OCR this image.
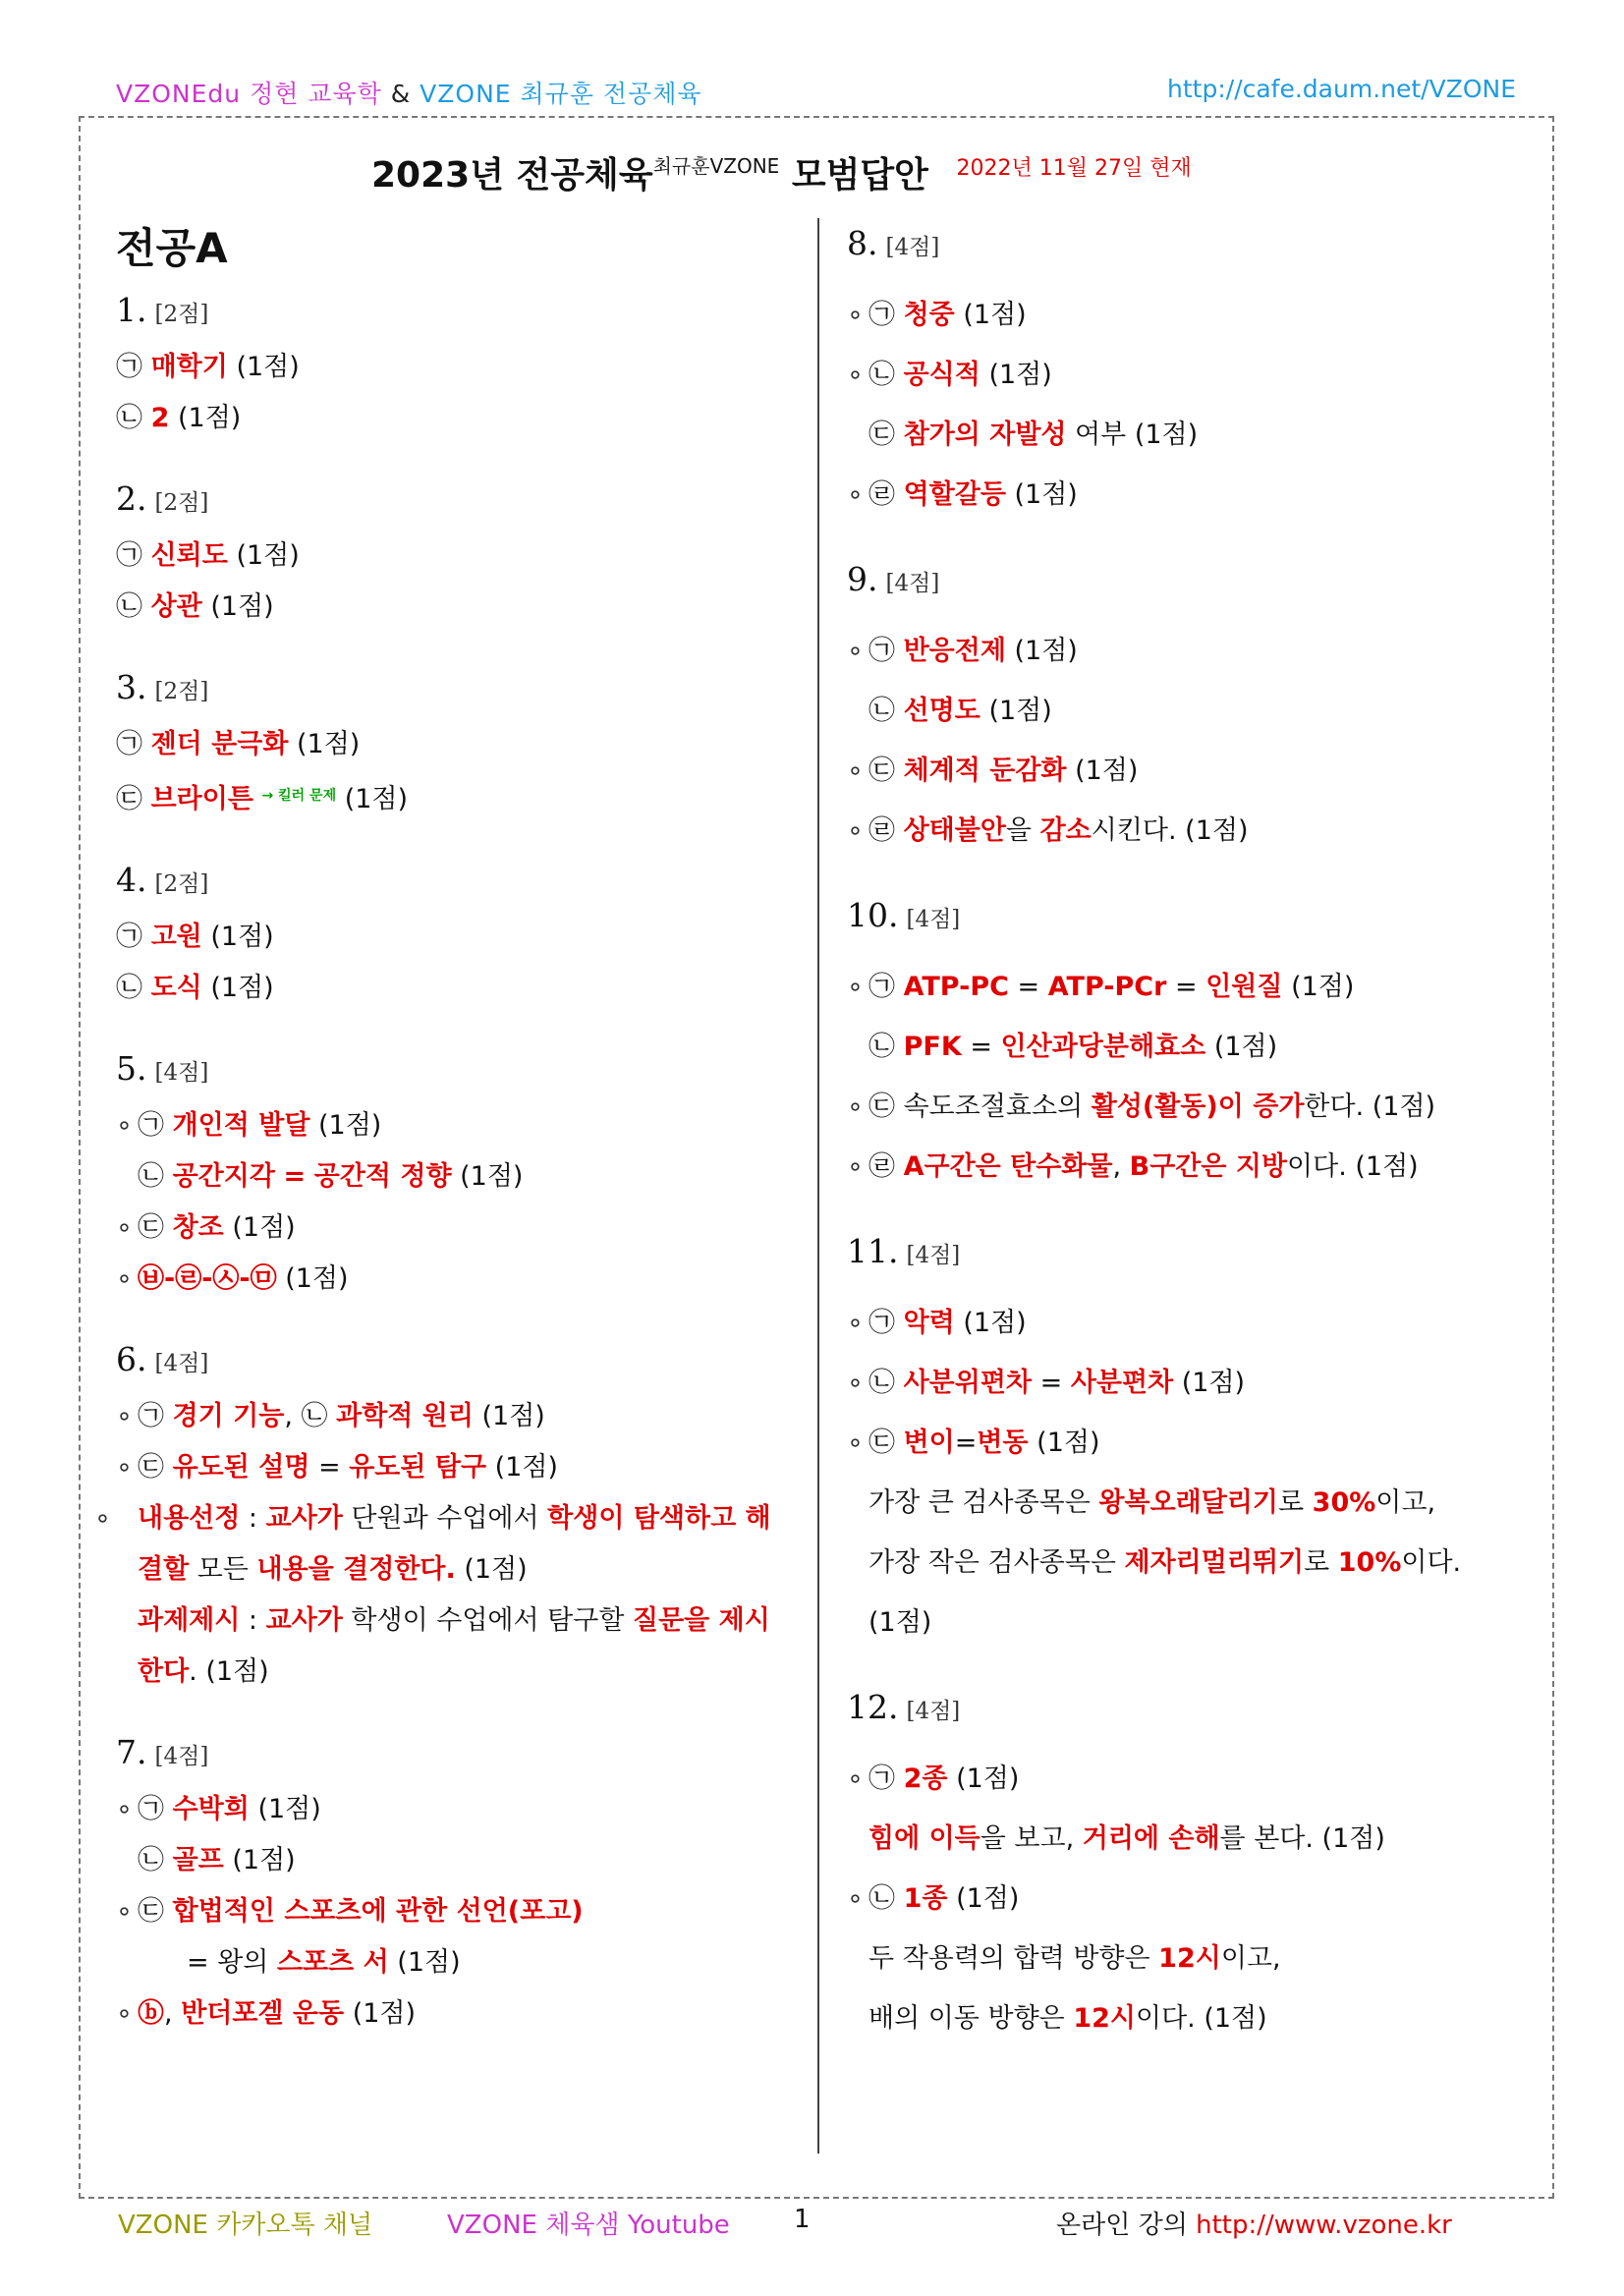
VZONEdu 정현 교육학 & VZONE 최규훈 전공체육	http://cafe.daum.net/VZONE
2023년 전공체육$^{최규훈VZONE}$ 모범답안 $^{2022년 11월 27일 현재}$
전공A
1. [2점]
㉠ 매학기 (1점)
㉡ 2 (1점)
2. [2점]
㉠ 신뢰도 (1점)
㉡ 상관 (1점)
3. [2점]
㉠ 젠더 분극화 (1점)
㉢ 브라이튼 $^{\to 킬러 문제}$ (1점)
4. [2점]
㉠ 고원 (1점)
㉡ 도식 (1점)
5. [4점]
∘ ㉠ 개인적 발달 (1점)
㉡ 공간지각 = 공간적 정향 (1점)
∘ ㉢ 창조 (1점)
∘ ㉥-㉣-㉦-㉤ (1점)
6. [4점]
∘ ㉠ 경기 기능, ㉡ 과학적 원리 (1점)
∘ ㉢ 유도된 설명 = 유도된 탐구 (1점)
∘ 내용선정 : 교사가 단원과 수업에서 학생이 탐색하고 해결할 모든 내용을 결정한다. (1점)
과제제시 : 교사가 학생이 수업에서 탐구할 질문을 제시한다. (1점)
7. [4점]
∘ ㉠ 수박희 (1점)
㉡ 골프 (1점)
∘ ㉢ 합법적인 스포츠에 관한 선언(포고)
= 왕의 스포츠 서 (1점)
∘ ⓑ, 반더포겔 운동 (1점)
8. [4점]
∘ ㉠ 청중 (1점)
∘ ㉡ 공식적 (1점)
㉢ 참가의 자발성 여부 (1점)
∘ ㉣ 역할갈등 (1점)
9. [4점]
∘ ㉠ 반응전제 (1점)
㉡ 선명도 (1점)
∘ ㉢ 체계적 둔감화 (1점)
∘ ㉣ 상태불안을 감소시킨다. (1점)
10. [4점]
∘ ㉠ ATP-PC = ATP-PCr = 인원질 (1점)
㉡ PFK = 인산과당분해효소 (1점)
∘ ㉢ 속도조절효소의 활성(활동)이 증가한다. (1점)
∘ ㉣ A구간은 탄수화물, B구간은 지방이다. (1점)
11. [4점]
∘ ㉠ 악력 (1점)
∘ ㉡ 사분위편차 = 사분편차 (1점)
∘ ㉢ 변이=변동 (1점)
가장 큰 검사종목은 왕복오래달리기로 30%이고,
가장 작은 검사종목은 제자리멀리뛰기로 10%이다.
(1점)
12. [4점]
∘ ㉠ 2종 (1점)
힘에 이득을 보고, 거리에 손해를 본다. (1점)
∘ ㉡ 1종 (1점)
두 작용력의 합력 방향은 12시이고,
배의 이동 방향은 12시이다. (1점)
VZONE 카카오톡 채널	VZONE 체육샘 Youtube	1	온라인 강의 http://www.vzone.kr
